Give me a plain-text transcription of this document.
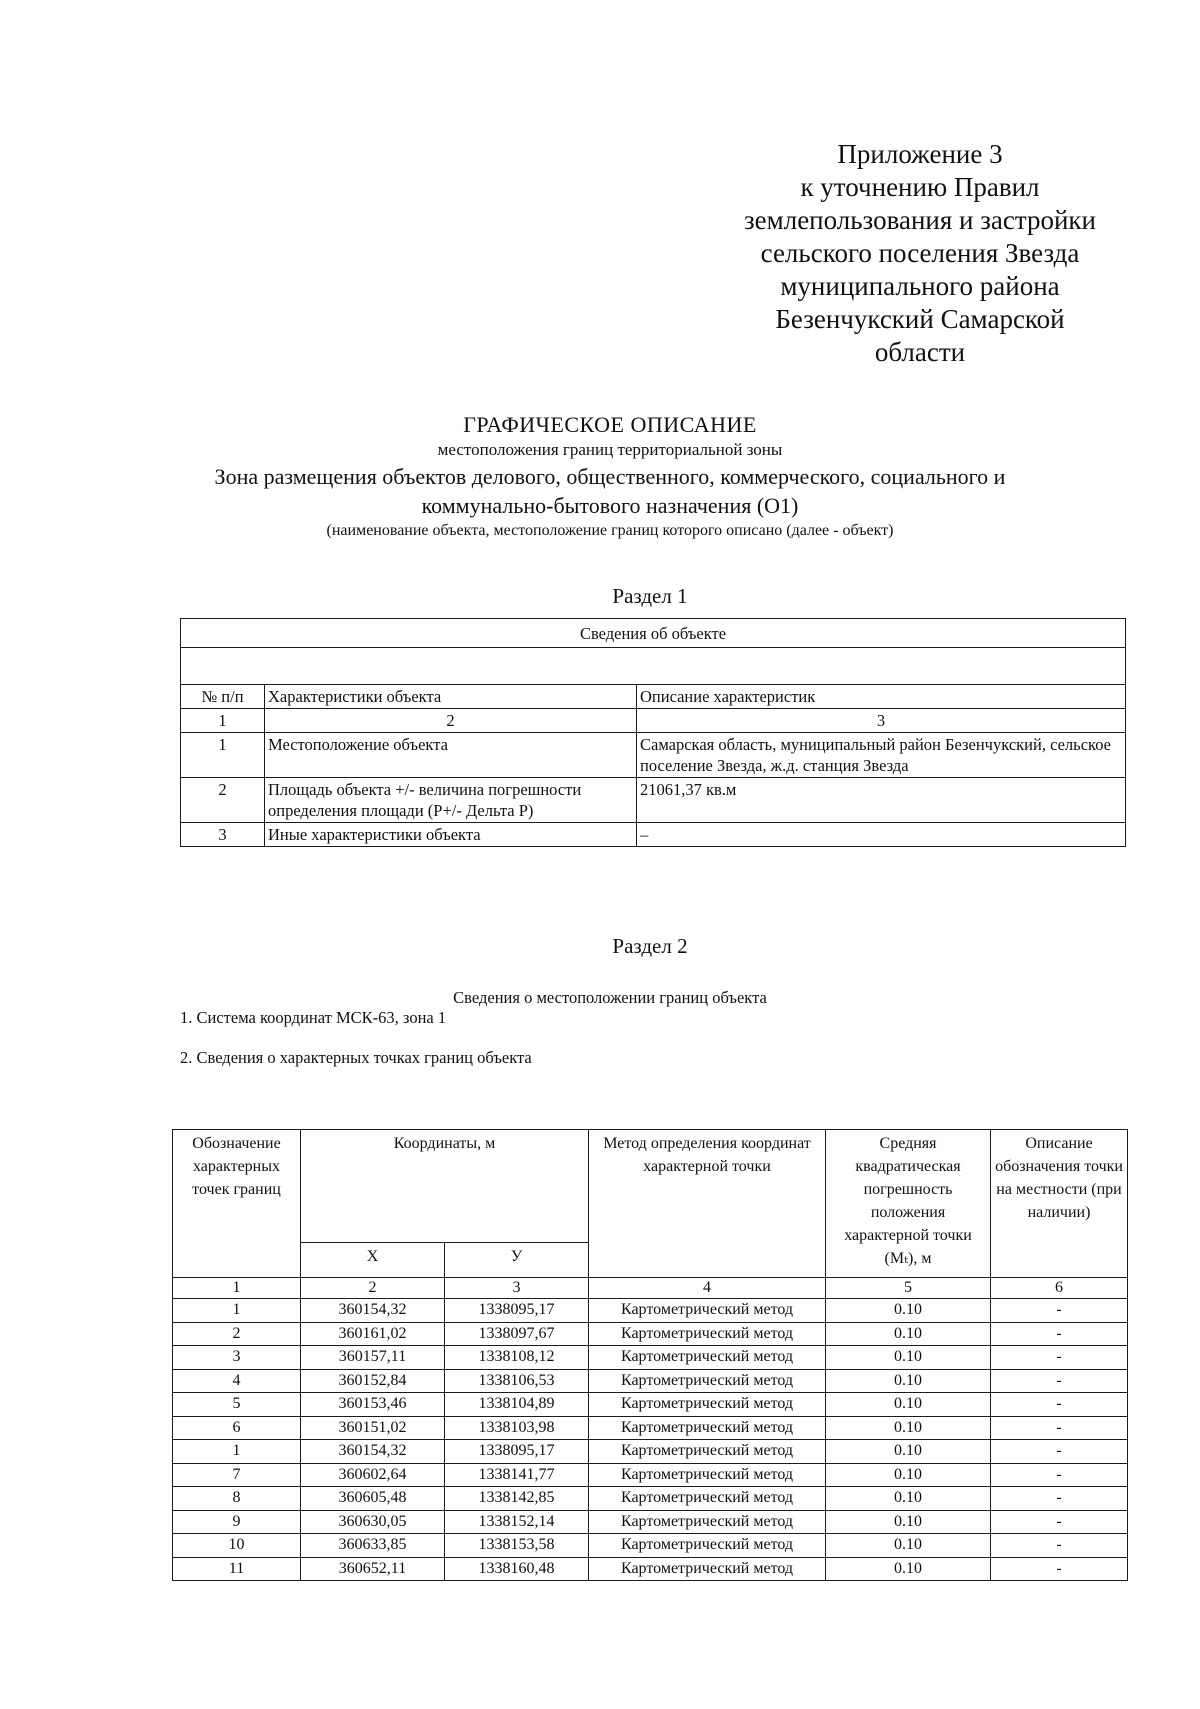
Приложение 3
к уточнению Правил
землепользования и застройки
сельского поселения Звезда
муниципального района
Безенчукский Самарской
области
ГРАФИЧЕСКОЕ ОПИСАНИЕ
местоположения границ территориальной зоны
Зона размещения объектов делового, общественного, коммерческого, социального и
коммунально-бытового назначения (О1)
(наименование объекта, местоположение границ которого описано (далее - объект)
Раздел 1
Сведения об объекте		

№ п/п	Характеристики объекта	Описание характеристик
1	2	3
1	Местоположение объекта	Самарская область, муниципальный район Безенчукский, сельское поселение Звезда, ж.д. станция Звезда
2	Площадь объекта +/- величина погрешности определения площади (Р+/- Дельта Р)	21061,37 кв.м
3	Иные характеристики объекта	–
Раздел 2
Сведения о местоположении границ объекта
1. Система координат МСК-63, зона 1
2. Сведения о характерных точках границ объекта
Обозначение характерных точек границ	Координаты, м		Метод определения координат характерной точки	Средняя квадратическая погрешность положения характерной точки (Mₜ), м	Описание обозначения точки на местности (при наличии)
	X	У			
1	2	3	4	5	6
1	360154,32	1338095,17	Картометрический метод	0.10	-
2	360161,02	1338097,67	Картометрический метод	0.10	-
3	360157,11	1338108,12	Картометрический метод	0.10	-
4	360152,84	1338106,53	Картометрический метод	0.10	-
5	360153,46	1338104,89	Картометрический метод	0.10	-
6	360151,02	1338103,98	Картометрический метод	0.10	-
1	360154,32	1338095,17	Картометрический метод	0.10	-
7	360602,64	1338141,77	Картометрический метод	0.10	-
8	360605,48	1338142,85	Картометрический метод	0.10	-
9	360630,05	1338152,14	Картометрический метод	0.10	-
10	360633,85	1338153,58	Картометрический метод	0.10	-
11	360652,11	1338160,48	Картометрический метод	0.10	-
